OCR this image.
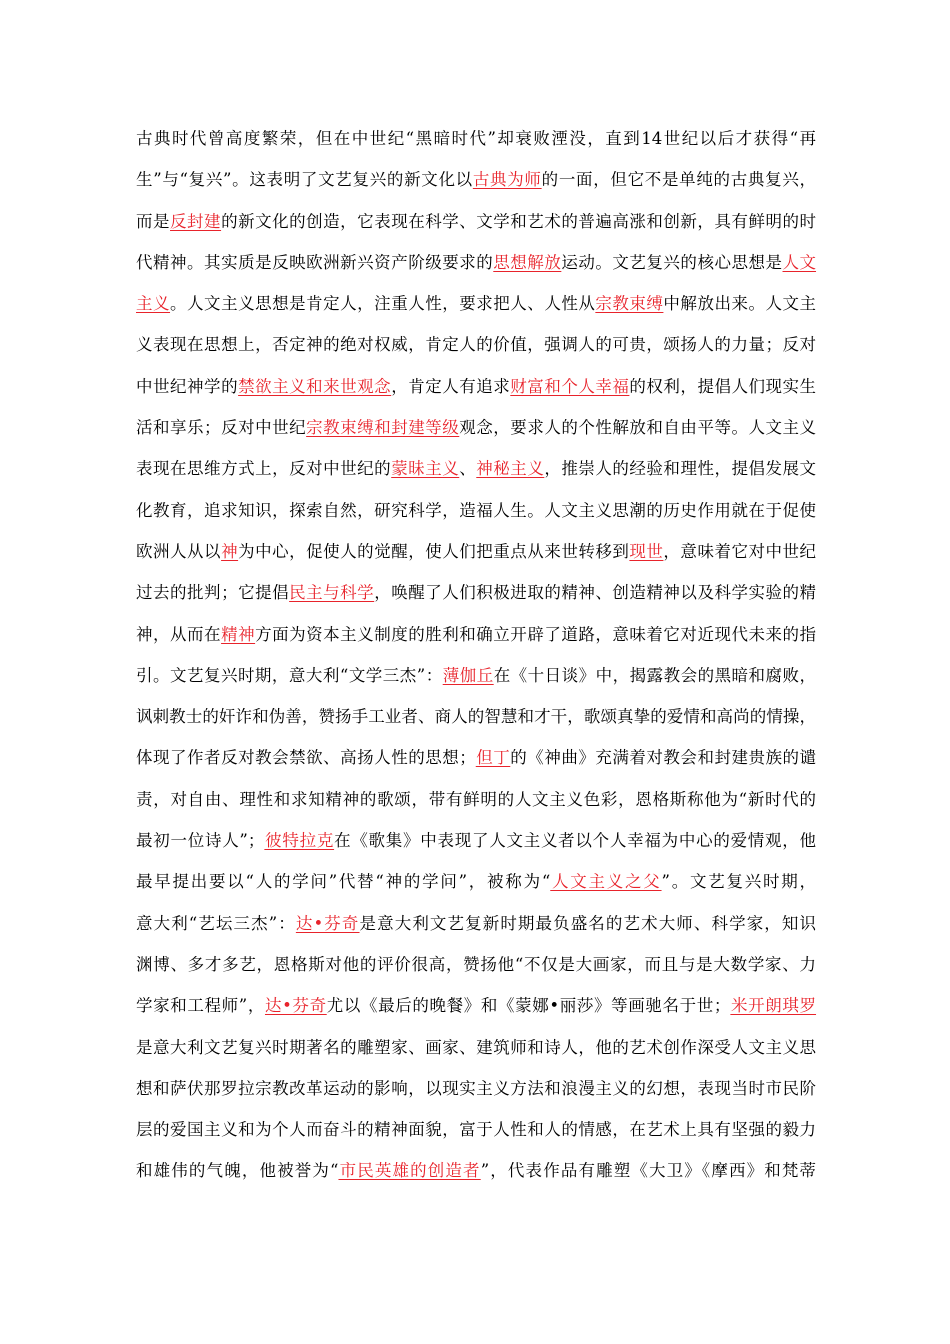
古典时代曾高度繁荣，但在中世纪“黑暗时代”却衰败湮没，直到14世纪以后才获得“再
生”与“复兴”。这表明了文艺复兴的新文化以古典为师的一面，但它不是单纯的古典复兴，
而是反封建的新文化的创造，它表现在科学、文学和艺术的普遍高涨和创新，具有鲜明的时
代精神。其实质是反映欧洲新兴资产阶级要求的思想解放运动。文艺复兴的核心思想是人文
主义。人文主义思想是肯定人，注重人性，要求把人、人性从宗教束缚中解放出来。人文主
义表现在思想上，否定神的绝对权威，肯定人的价值，强调人的可贵，颂扬人的力量；反对
中世纪神学的禁欲主义和来世观念，肯定人有追求财富和个人幸福的权利，提倡人们现实生
活和享乐；反对中世纪宗教束缚和封建等级观念，要求人的个性解放和自由平等。人文主义
表现在思维方式上，反对中世纪的蒙昧主义、神秘主义，推崇人的经验和理性，提倡发展文
化教育，追求知识，探索自然，研究科学，造福人生。人文主义思潮的历史作用就在于促使
欧洲人从以神为中心，促使人的觉醒，使人们把重点从来世转移到现世，意味着它对中世纪
过去的批判；它提倡民主与科学，唤醒了人们积极进取的精神、创造精神以及科学实验的精
神，从而在精神方面为资本主义制度的胜利和确立开辟了道路，意味着它对近现代未来的指
引。文艺复兴时期，意大利“文学三杰”：薄伽丘在《十日谈》中，揭露教会的黑暗和腐败，
讽刺教士的奸诈和伪善，赞扬手工业者、商人的智慧和才干，歌颂真挚的爱情和高尚的情操，
体现了作者反对教会禁欲、高扬人性的思想；但丁的《神曲》充满着对教会和封建贵族的谴
责，对自由、理性和求知精神的歌颂，带有鲜明的人文主义色彩，恩格斯称他为“新时代的
最初一位诗人”；彼特拉克在《歌集》中表现了人文主义者以个人幸福为中心的爱情观，他
最早提出要以“人的学问”代替“神的学问”，被称为“人文主义之父”。文艺复兴时期，
意大利“艺坛三杰”：达•芬奇是意大利文艺复新时期最负盛名的艺术大师、科学家，知识
渊博、多才多艺，恩格斯对他的评价很高，赞扬他“不仅是大画家，而且与是大数学家、力
学家和工程师”，达•芬奇尤以《最后的晚餐》和《蒙娜•丽莎》等画驰名于世；米开朗琪罗
是意大利文艺复兴时期著名的雕塑家、画家、建筑师和诗人，他的艺术创作深受人文主义思
想和萨伏那罗拉宗教改革运动的影响，以现实主义方法和浪漫主义的幻想，表现当时市民阶
层的爱国主义和为个人而奋斗的精神面貌，富于人性和人的情感，在艺术上具有坚强的毅力
和雄伟的气魄，他被誉为“市民英雄的创造者”，代表作品有雕塑《大卫》《摩西》和梵蒂
